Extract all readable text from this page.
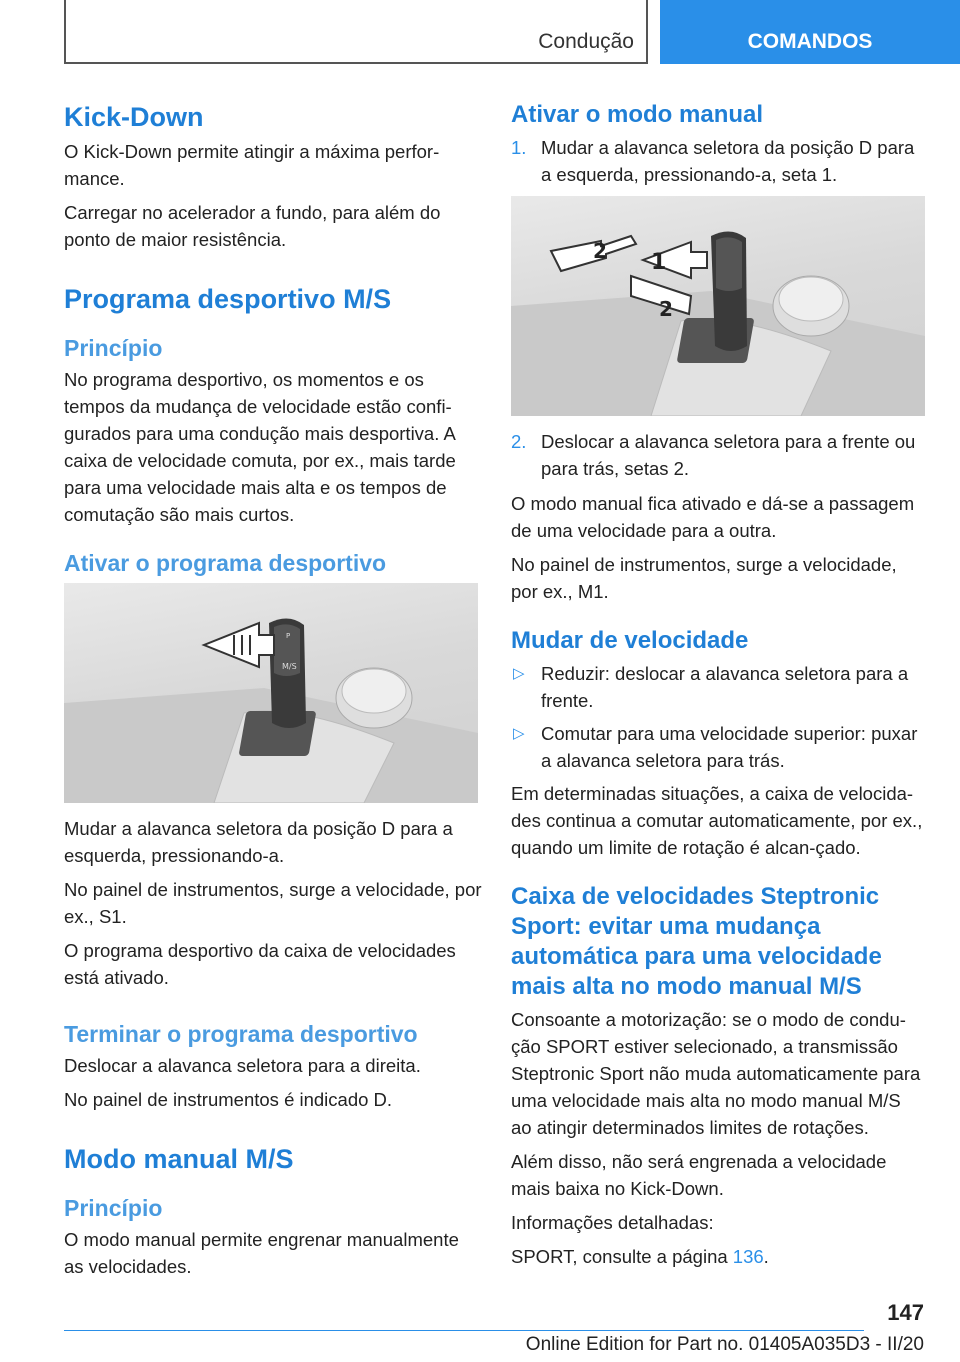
Condução	COMANDOS
Kick-Down

O Kick-Down permite atingir a máxima perfor-mance.

Carregar no acelerador a fundo, para além do ponto de maior resistência.

Programa desportivo M/S
Princípio

No programa desportivo, os momentos e os tempos da mudança de velocidade estão confi-gurados para uma condução mais desportiva. A caixa de velocidade comuta, por ex., mais tarde para uma velocidade mais alta e os tempos de comutação são mais curtos.

Ativar o programa desportivo
M/S
P

Mudar a alavanca seletora da posição D para a esquerda, pressionando-a.

No painel de instrumentos, surge a velocidade, por ex., S1.

O programa desportivo da caixa de velocidades está ativado.

Terminar o programa desportivo

Deslocar a alavanca seletora para a direita.

No painel de instrumentos é indicado D.

Modo manual M/S
Princípio

O modo manual permite engrenar manualmente as velocidades.

Ativar o modo manual
1. Mudar a alavanca seletora da posição D para a esquerda, pressionando-a, seta 1.
1
2
2
2. Deslocar a alavanca seletora para a frente ou para trás, setas 2.

O modo manual fica ativado e dá-se a passagem de uma velocidade para a outra.

No painel de instrumentos, surge a velocidade, por ex., M1.

Mudar de velocidade
▷ Reduzir: deslocar a alavanca seletora para a frente.
▷ Comutar para uma velocidade superior: puxar a alavanca seletora para trás.

Em determinadas situações, a caixa de velocida-des continua a comutar automaticamente, por ex., quando um limite de rotação é alcan-çado.

Caixa de velocidades Steptronic Sport: evitar uma mudança automática para uma velocidade mais alta no modo manual M/S

Consoante a motorização: se o modo de condu-ção SPORT estiver selecionado, a transmissão Steptronic Sport não muda automaticamente para uma velocidade mais alta no modo manual M/S ao atingir determinados limites de rotações.

Além disso, não será engrenada a velocidade mais baixa no Kick-Down.

Informações detalhadas:

SPORT, consulte a página 136.

147
Online Edition for Part no. 01405A035D3 - II/20
